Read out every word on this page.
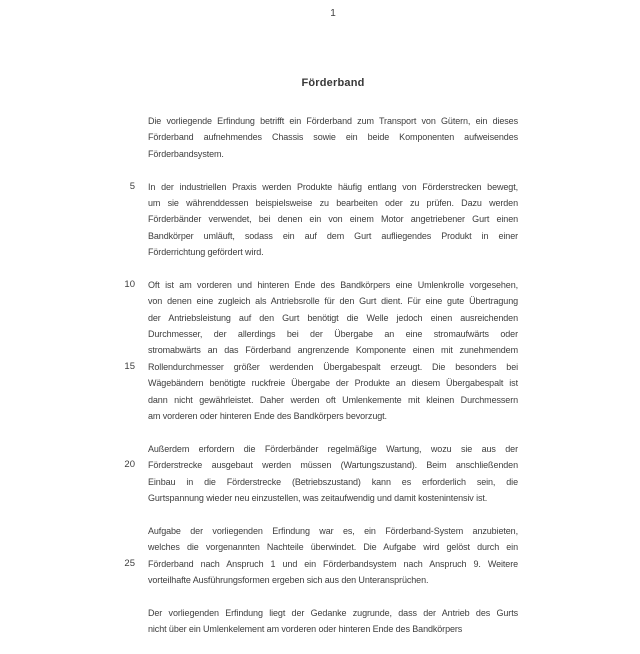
1
Förderband
Die vorliegende Erfindung betrifft ein Förderband zum Transport von Gütern, ein dieses
Förderband aufnehmendes Chassis sowie ein beide Komponenten aufweisendes
Förderbandsystem.
In der industriellen Praxis werden Produkte häufig entlang von Förderstrecken bewegt,
5
um sie währenddessen beispielsweise zu bearbeiten oder zu prüfen. Dazu werden
Förderbänder verwendet, bei denen ein von einem Motor angetriebener Gurt einen
Bandkörper umläuft, sodass ein auf dem Gurt aufliegendes Produkt in einer
Förderrichtung gefördert wird.
Oft ist am vorderen und hinteren Ende des Bandkörpers eine Umlenkrolle vorgesehen,
10
von denen eine zugleich als Antriebsrolle für den Gurt dient. Für eine gute Übertragung
der Antriebsleistung auf den Gurt benötigt die Welle jedoch einen ausreichenden
Durchmesser, der allerdings bei der Übergabe an eine stromaufwärts oder
stromabwärts an das Förderband angrenzende Komponente einen mit zunehmendem
Rollendurchmesser größer werdenden Übergabespalt erzeugt. Die besonders bei
15
Wägebändern benötigte ruckfreie Übergabe der Produkte an diesem Übergabespalt ist
dann nicht gewährleistet. Daher werden oft Umlenkemente mit kleinen Durchmessern
am vorderen oder hinteren Ende des Bandkörpers bevorzugt.
Außerdem erfordern die Förderbänder regelmäßige Wartung, wozu sie aus der
Förderstrecke ausgebaut werden müssen (Wartungszustand). Beim anschließenden
20
Einbau in die Förderstrecke (Betriebszustand) kann es erforderlich sein, die
Gurtspannung wieder neu einzustellen, was zeitaufwendig und damit kostenintensiv ist.
Aufgabe der vorliegenden Erfindung war es, ein Förderband-System anzubieten,
welches die vorgenannten Nachteile überwindet. Die Aufgabe wird gelöst durch ein
Förderband nach Anspruch 1 und ein Förderbandsystem nach Anspruch 9. Weitere
25
vorteilhafte Ausführungsformen ergeben sich aus den Unteransprüchen.
Der vorliegenden Erfindung liegt der Gedanke zugrunde, dass der Antrieb des Gurts
nicht über ein Umlenkelement am vorderen oder hinteren Ende des Bandkörpers
